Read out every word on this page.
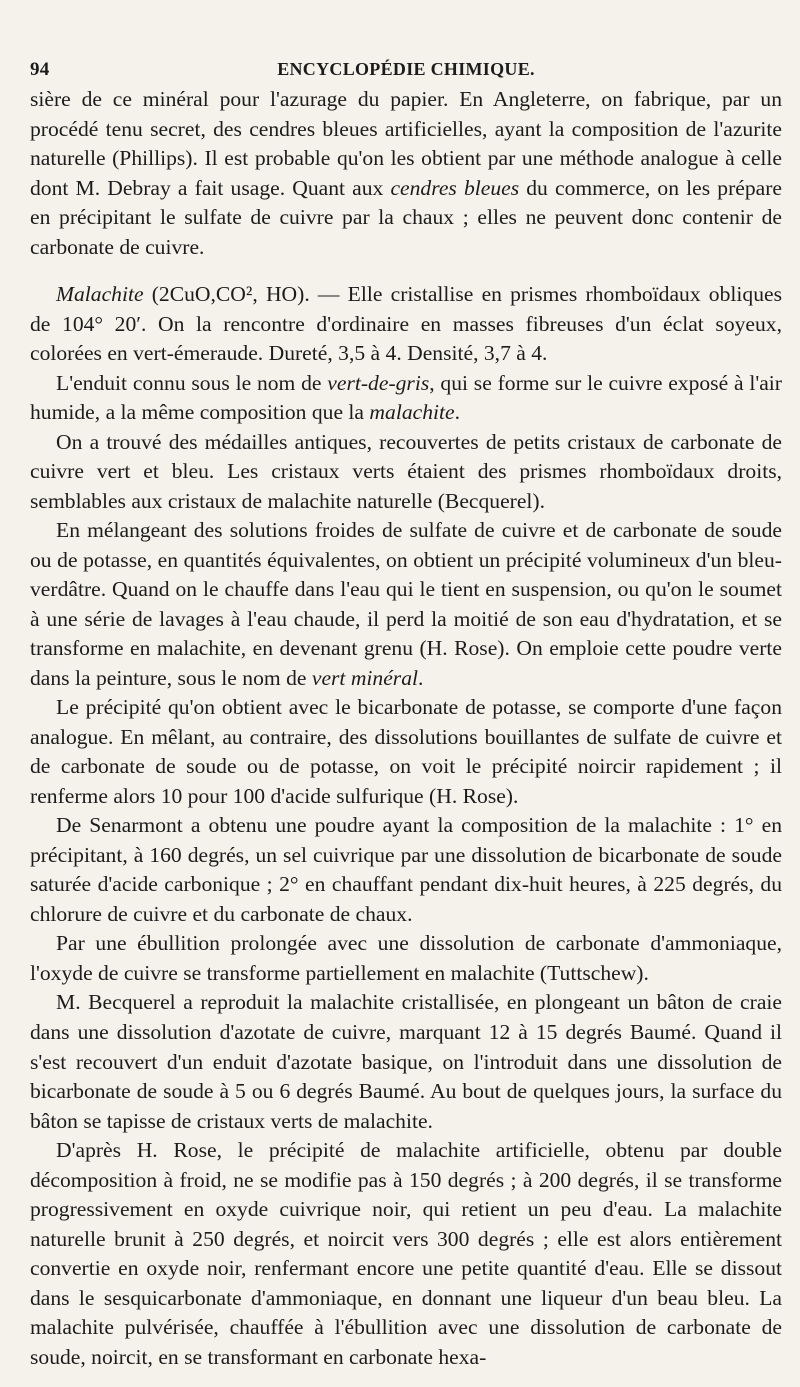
94	ENCYCLOPÉDIE CHIMIQUE.

sière de ce minéral pour l'azurage du papier. En Angleterre, on fabrique, par un procédé tenu secret, des cendres bleues artificielles, ayant la composition de l'azurite naturelle (Phillips). Il est probable qu'on les obtient par une méthode analogue à celle dont M. Debray a fait usage. Quant aux cendres bleues du commerce, on les prépare en précipitant le sulfate de cuivre par la chaux ; elles ne peuvent donc contenir de carbonate de cuivre.

Malachite (2CuO,CO², HO). — Elle cristallise en prismes rhomboïdaux obliques de 104° 20′. On la rencontre d'ordinaire en masses fibreuses d'un éclat soyeux, colorées en vert-émeraude. Dureté, 3,5 à 4. Densité, 3,7 à 4.

L'enduit connu sous le nom de vert-de-gris, qui se forme sur le cuivre exposé à l'air humide, a la même composition que la malachite.

On a trouvé des médailles antiques, recouvertes de petits cristaux de carbonate de cuivre vert et bleu. Les cristaux verts étaient des prismes rhomboïdaux droits, semblables aux cristaux de malachite naturelle (Becquerel).

En mélangeant des solutions froides de sulfate de cuivre et de carbonate de soude ou de potasse, en quantités équivalentes, on obtient un précipité volumineux d'un bleu-verdâtre. Quand on le chauffe dans l'eau qui le tient en suspension, ou qu'on le soumet à une série de lavages à l'eau chaude, il perd la moitié de son eau d'hydratation, et se transforme en malachite, en devenant grenu (H. Rose). On emploie cette poudre verte dans la peinture, sous le nom de vert minéral.

Le précipité qu'on obtient avec le bicarbonate de potasse, se comporte d'une façon analogue. En mêlant, au contraire, des dissolutions bouillantes de sulfate de cuivre et de carbonate de soude ou de potasse, on voit le précipité noircir rapidement ; il renferme alors 10 pour 100 d'acide sulfurique (H. Rose).

De Senarmont a obtenu une poudre ayant la composition de la malachite : 1° en précipitant, à 160 degrés, un sel cuivrique par une dissolution de bicarbonate de soude saturée d'acide carbonique ; 2° en chauffant pendant dix-huit heures, à 225 degrés, du chlorure de cuivre et du carbonate de chaux.

Par une ébullition prolongée avec une dissolution de carbonate d'ammoniaque, l'oxyde de cuivre se transforme partiellement en malachite (Tuttschew).

M. Becquerel a reproduit la malachite cristallisée, en plongeant un bâton de craie dans une dissolution d'azotate de cuivre, marquant 12 à 15 degrés Baumé. Quand il s'est recouvert d'un enduit d'azotate basique, on l'introduit dans une dissolution de bicarbonate de soude à 5 ou 6 degrés Baumé. Au bout de quelques jours, la surface du bâton se tapisse de cristaux verts de malachite.

D'après H. Rose, le précipité de malachite artificielle, obtenu par double décomposition à froid, ne se modifie pas à 150 degrés ; à 200 degrés, il se transforme progressivement en oxyde cuivrique noir, qui retient un peu d'eau. La malachite naturelle brunit à 250 degrés, et noircit vers 300 degrés ; elle est alors entièrement convertie en oxyde noir, renfermant encore une petite quantité d'eau. Elle se dissout dans le sesquicarbonate d'ammoniaque, en donnant une liqueur d'un beau bleu. La malachite pulvérisée, chauffée à l'ébullition avec une dissolution de carbonate de soude, noircit, en se transformant en carbonate hexa-
